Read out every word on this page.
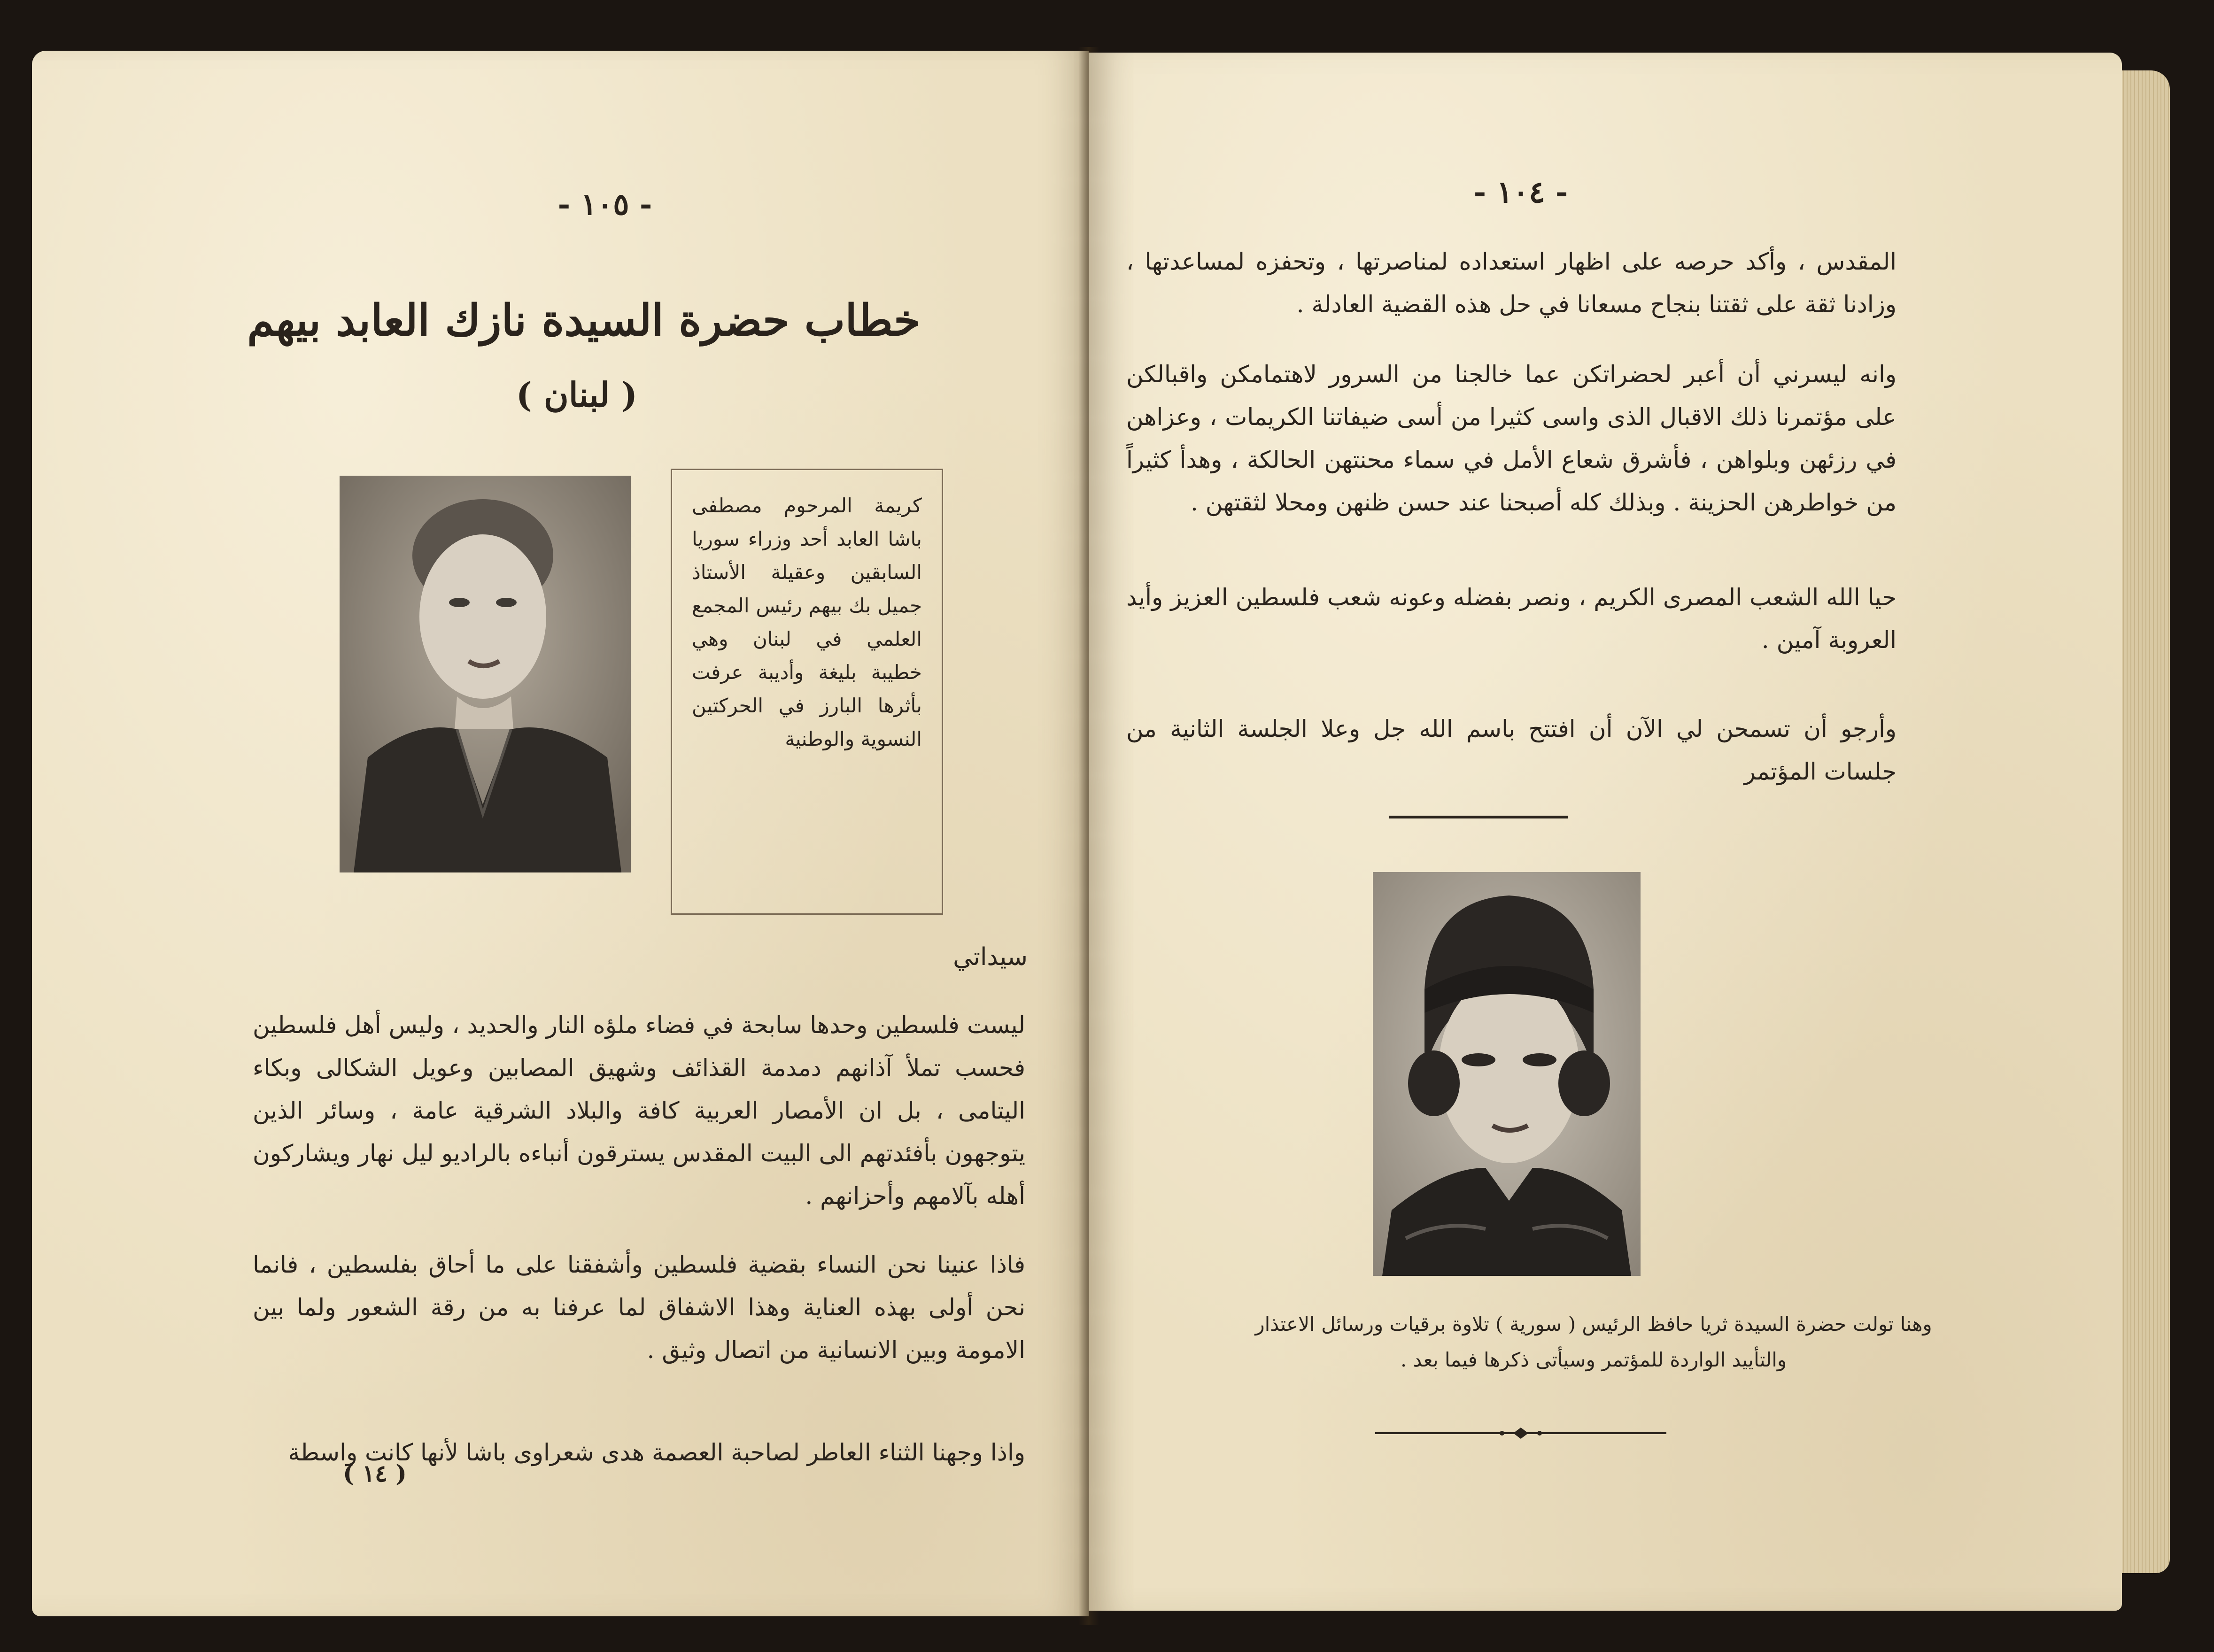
- ١٠٥ -
خطاب حضرة السيدة نازك العابد بيهم
( لبنان )
كريمة المرحوم مصطفى باشا العابد أحد وزراء سوريا السابقين وعقيلة الأستاذ جميل بك بيهم رئيس المجمع العلمي في لبنان وهي خطيبة بليغة وأديبة عرفت بأثرها البارز في الحركتين النسوية والوطنية
سيداتي
ليست فلسطين وحدها سابحة في فضاء ملؤه النار والحديد ، وليس أهل فلسطين فحسب تملأ آذانهم دمدمة القذائف وشهيق المصابين وعويل الشكالى وبكاء اليتامى ، بل ان الأمصار العربية كافة والبلاد الشرقية عامة ، وسائر الذين يتوجهون بأفئدتهم الى البيت المقدس يسترقون أنباءه بالراديو ليل نهار ويشاركون أهله بآلامهم وأحزانهم .
فاذا عنينا نحن النساء بقضية فلسطين وأشفقنا على ما أحاق بفلسطين ، فانما نحن أولى بهذه العناية وهذا الاشفاق لما عرفنا به من رقة الشعور ولما بين الامومة وبين الانسانية من اتصال وثيق .
واذا وجهنا الثناء العاطر لصاحبة العصمة هدى شعراوى باشا لأنها كانت واسطة
( ١٤ )
- ١٠٤ -
المقدس ، وأكد حرصه على اظهار استعداده لمناصرتها ، وتحفزه لمساعدتها ، وزادنا ثقة على ثقتنا بنجاح مسعانا في حل هذه القضية العادلة .
وانه ليسرني أن أعبر لحضراتكن عما خالجنا من السرور لاهتمامكن واقبالكن على مؤتمرنا ذلك الاقبال الذى واسى كثيرا من أسى ضيفاتنا الكريمات ، وعزاهن في رزئهن وبلواهن ، فأشرق شعاع الأمل في سماء محنتهن الحالكة ، وهدأ كثيراً من خواطرهن الحزينة . وبذلك كله أصبحنا عند حسن ظنهن ومحلا لثقتهن .
حيا الله الشعب المصرى الكريم ، ونصر بفضله وعونه شعب فلسطين العزيز وأيد العروبة آمين .
وأرجو أن تسمحن لي الآن أن افتتح باسم الله جل وعلا الجلسة الثانية من جلسات المؤتمر
وهنا تولت حضرة السيدة ثريا حافظ الرئيس ( سورية ) تلاوة برقيات ورسائل الاعتذار والتأييد الواردة للمؤتمر وسيأتى ذكرها فيما بعد .
